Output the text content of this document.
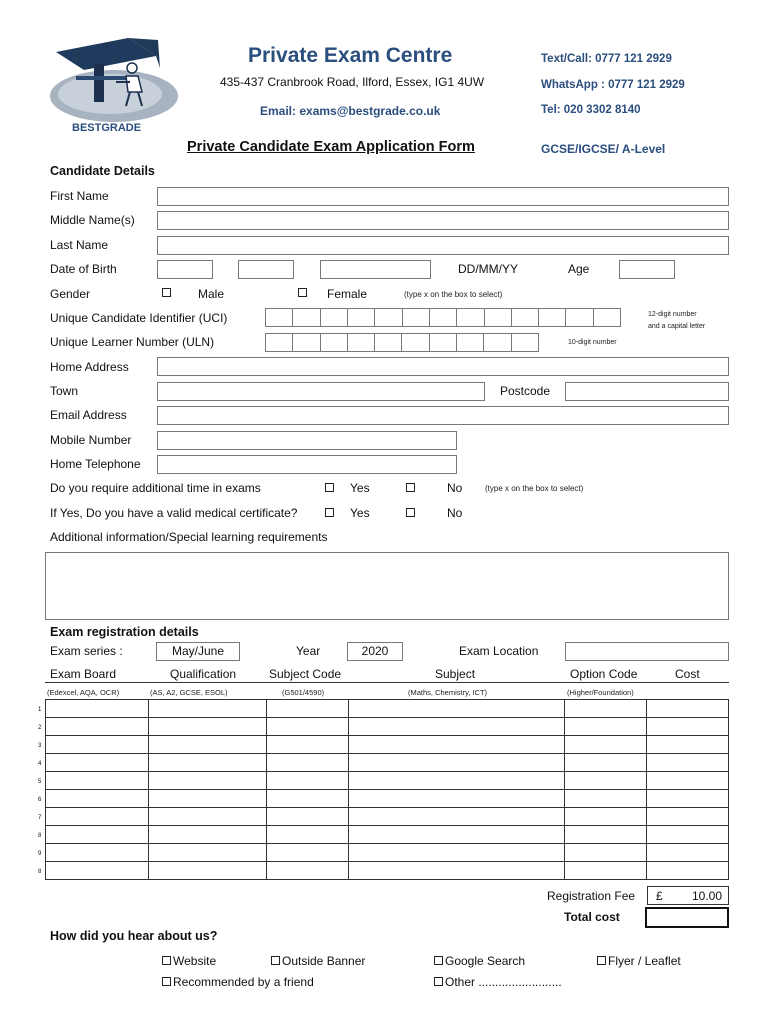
BESTGRADE
Private Exam Centre
435-437 Cranbrook Road, Ilford, Essex, IG1 4UW
Email: exams@bestgrade.co.uk
Text/Call: 0777 121 2929
WhatsApp : 0777 121 2929
Tel: 020 3302 8140
Private Candidate Exam Application Form	GCSE/IGCSE/ A-Level
Candidate Details
First Name
Middle Name(s)
Last Name
Date of Birth	DD/MM/YY	Age
Gender	Male	Female	(type x on the box to select)
Unique Candidate Identifier (UCI)	12-digit number
and a capital letter
Unique Learner Number (ULN)	10-digit number
Home Address
Town	Postcode
Email Address
Mobile Number
Home Telephone
Do you require additional time in exams	Yes	No	(type x on the box to select)
If Yes, Do you have a valid medical certificate?	Yes	No
Additional information/Special learning requirements
Exam registration details
Exam series :	May/June	Year	2020	Exam Location
Exam Board	Qualification	Subject Code	Subject	Option Code	Cost
(Edexcel, AQA, OCR)	(AS, A2, GCSE, ESOL)	(G501/4590)	(Maths, Chemistry, ICT)	(Higher/Foundation)

1
2
3
4
5
6
7
8
9
8
Registration Fee £ 10.00
Total cost
How did you hear about us?
Website	Outside Banner	Google Search	Flyer / Leaflet
Recommended by a friend	Other .........................
